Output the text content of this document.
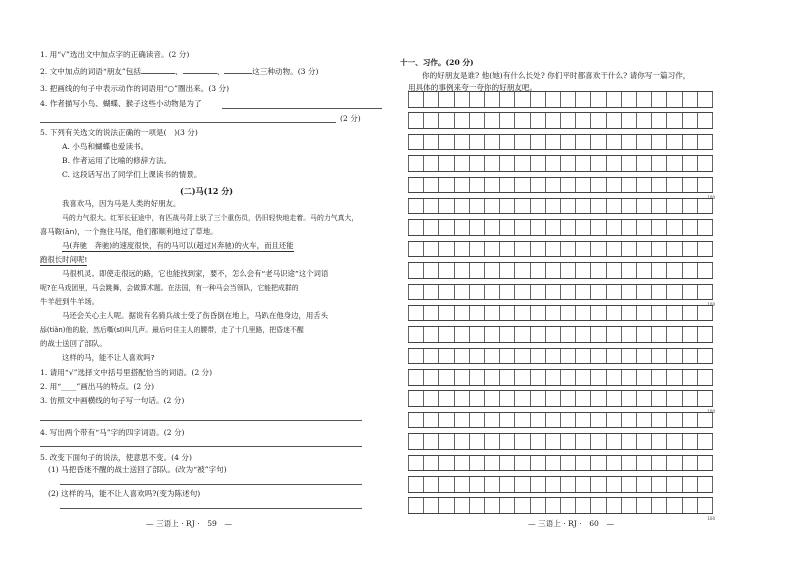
1. 用“√”选出文中加点字的正确读音。(2 分)
2. 文中加点的词语“朋友”包括	、	、	这三种动物。(3 分)
3. 把画线的句子中表示动作的词语用“○”圈出来。(3 分)
4. 作者描写小鸟、蝴蝶、猴子这些小动物是为了
(2 分)
5. 下列有关选文的说法正确的一项是(　)(3 分)
A. 小鸟和蝴蝶也爱读书。
B. 作者运用了比喻的修辞方法。
C. 这段话写出了同学们上课读书的情景。
(二)马(12 分)
我喜欢马，因为马是人类的好朋友。
马的力气很大。红军长征途中，有匹战马背上驮了三个重伤员，仍旧轻快地走着。马的力气真大，
喜马鞍(ān)，一个拖住马尾，他们都顺利地过了草地。
马(奔驰　奔驰)的速度很快，有的马可以(超过)(奔驰)的火车，而且还能
跑很长时间呢!
马很机灵。即使走很远的路，它也能找到家，要不，怎么会有“老马识途”这个词语
呢?在马戏团里，马会跳舞，会做算术题。在法国，有一种马会当领队，它能把成群的
牛羊赶到牛羊场。
马还会关心主人呢。据说有名骑兵战士受了伤昏倒在地上，马趴在他身边，用舌头
舔(tiǎn)他的脸，然后嘶(sī)叫几声。最后叼住主人的腰带，走了十几里路，把昏迷不醒
的战士送回了部队。
这样的马，能不让人喜欢吗?
1. 请用“√”选择文中括号里搭配恰当的词语。(2 分)
2. 用“____”画出马的特点。(2 分)
3. 仿照文中画横线的句子写一句话。(2 分)
4. 写出两个带有“马”字的四字词语。(2 分)
5. 改变下面句子的说法，使意思不变。(4 分)
(1) 马把昏迷不醒的战士送回了部队。(改为“被”字句)
(2) 这样的马，能不让人喜欢吗?(变为陈述句)
— 三语上 · RJ ·　59　—
十一、习作。(20 分)
你的好朋友是谁? 他(她)有什么长处? 你们平时都喜欢干什么? 请你写一篇习作，
用具体的事例来夸一夸你的好朋友吧。
— 三语上 · RJ ·　60　—
100
100
100
100
